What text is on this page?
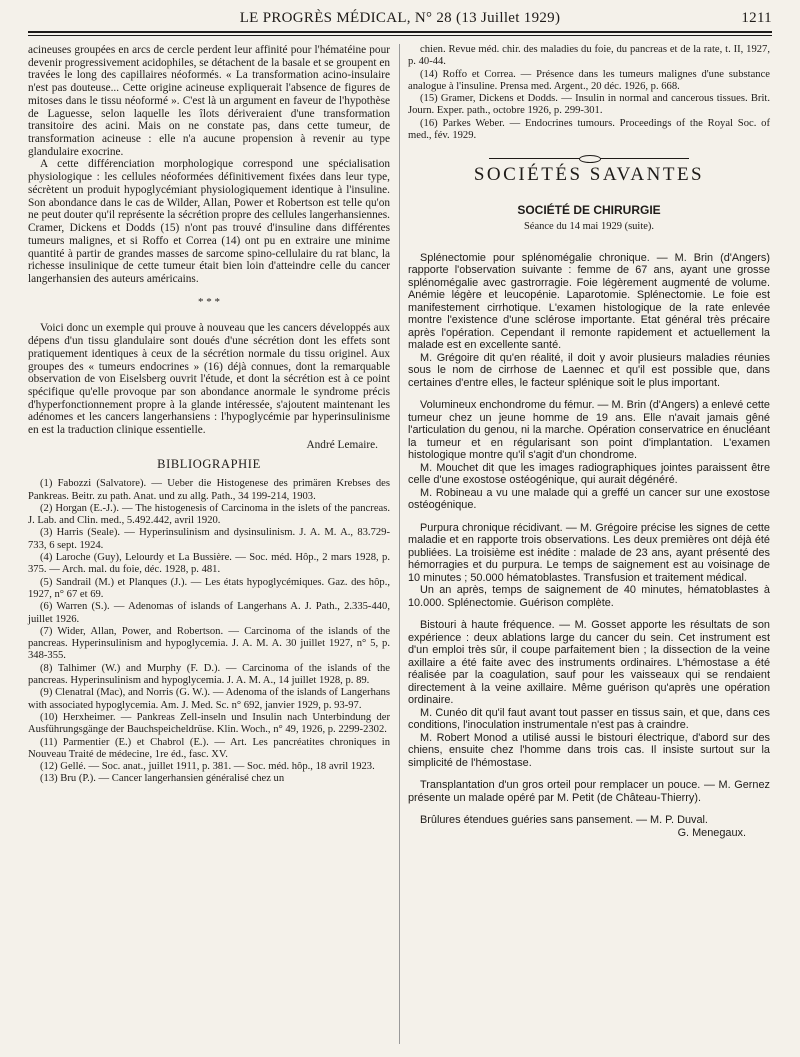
LE PROGRÈS MÉDICAL, N° 28 (13 Juillet 1929)	1211

acineuses groupées en arcs de cercle perdent leur affinité pour l'hématéine pour devenir progressivement acidophiles, se détachent de la basale et se groupent en travées le long des capillaires néoformés. « La transformation acino-insulaire n'est pas douteuse... Cette origine acineuse expliquerait l'absence de figures de mitoses dans le tissu néoformé ». C'est là un argument en faveur de l'hypothèse de Laguesse, selon laquelle les îlots dériveraient d'une transformation transitoire des acini. Mais on ne constate pas, dans cette tumeur, de transformation acineuse : elle n'a aucune propension à revenir au type glandulaire exocrine.

A cette différenciation morphologique correspond une spécialisation physiologique : les cellules néoformées définitivement fixées dans leur type, sécrètent un produit hypoglycémiant physiologiquement identique à l'insuline. Son abondance dans le cas de Wilder, Allan, Power et Robertson est telle qu'on ne peut douter qu'il représente la sécrétion propre des cellules langerhansiennes. Cramer, Dickens et Dodds (15) n'ont pas trouvé d'insuline dans différentes tumeurs malignes, et si Roffo et Correa (14) ont pu en extraire une minime quantité à partir de grandes masses de sarcome spino-cellulaire du rat blanc, la richesse insulinique de cette tumeur était bien loin d'atteindre celle du cancer langerhansien des auteurs américains.

* * *

Voici donc un exemple qui prouve à nouveau que les cancers développés aux dépens d'un tissu glandulaire sont doués d'une sécrétion dont les effets sont pratiquement identiques à ceux de la sécrétion normale du tissu originel. Aux groupes des « tumeurs endocrines » (16) déjà connues, dont la remarquable observation de von Eiselsberg ouvrit l'étude, et dont la sécrétion est à ce point spécifique qu'elle provoque par son abondance anormale le syndrome précis d'hyperfonctionnement propre à la glande intéressée, s'ajoutent maintenant les adénomes et les cancers langerhansiens : l'hypoglycémie par hyperinsulinisme en est la traduction clinique essentielle.

André Lemaire.

BIBLIOGRAPHIE

(1) Fabozzi (Salvatore). — Ueber die Histogenese des primären Krebses des Pankreas. Beitr. zu path. Anat. und zu allg. Path., 34 199-214, 1903.

(2) Horgan (E.-J.). — The histogenesis of Carcinoma in the islets of the pancreas. J. Lab. and Clin. med., 5.492.442, avril 1920.

(3) Harris (Seale). — Hyperinsulinism and dysinsulinism. J. A. M. A., 83.729-733, 6 sept. 1924.

(4) Laroche (Guy), Lelourdy et La Bussière. — Soc. méd. Hôp., 2 mars 1928, p. 375. — Arch. mal. du foie, déc. 1928, p. 481.

(5) Sandrail (M.) et Planques (J.). — Les états hypoglycémiques. Gaz. des hôp., 1927, n° 67 et 69.

(6) Warren (S.). — Adenomas of islands of Langerhans A. J. Path., 2.335-440, juillet 1926.

(7) Wider, Allan, Power, and Robertson. — Carcinoma of the islands of the pancreas. Hyperinsulinism and hypoglycemia. J. A. M. A. 30 juillet 1927, n° 5, p. 348-355.

(8) Talhimer (W.) and Murphy (F. D.). — Carcinoma of the islands of the pancreas. Hyperinsulinism and hypoglycemia. J. A. M. A., 14 juillet 1928, p. 89.

(9) Clenatral (Mac), and Norris (G. W.). — Adenoma of the islands of Langerhans with associated hypoglycemia. Am. J. Med. Sc. n° 692, janvier 1929, p. 93-97.

(10) Herxheimer. — Pankreas Zell-inseln und Insulin nach Unterbindung der Ausführungsgänge der Bauchspeicheldrüse. Klin. Woch., n° 49, 1926, p. 2299-2302.

(11) Parmentier (E.) et Chabrol (E.). — Art. Les pancréatites chroniques in Nouveau Traité de médecine, 1re éd., fasc. XV.

(12) Gellé. — Soc. anat., juillet 1911, p. 381. — Soc. méd. hôp., 18 avril 1923.

(13) Bru (P.). — Cancer langerhansien généralisé chez un

chien. Revue méd. chir. des maladies du foie, du pancreas et de la rate, t. II, 1927, p. 40-44.

(14) Roffo et Correa. — Présence dans les tumeurs malignes d'une substance analogue à l'insuline. Prensa med. Argent., 20 déc. 1926, p. 668.

(15) Gramer, Dickens et Dodds. — Insulin in normal and cancerous tissues. Brit. Journ. Exper. path., octobre 1926, p. 299-301.

(16) Parkes Weber. — Endocrines tumours. Proceedings of the Royal Soc. of med., fév. 1929.

SOCIÉTÉS SAVANTES
SOCIÉTÉ DE CHIRURGIE
Séance du 14 mai 1929 (suite).

Splénectomie pour splénomégalie chronique. — M. Brin (d'Angers) rapporte l'observation suivante : femme de 67 ans, ayant une grosse splénomégalie avec gastrorragie. Foie légèrement augmenté de volume. Anémie légère et leucopénie. Laparotomie. Splénectomie. Le foie est manifestement cirrhotique. L'examen histologique de la rate enlevée montre l'existence d'une sclérose importante. Etat général très précaire après l'opération. Cependant il remonte rapidement et actuellement la malade est en excellente santé.

M. Grégoire dit qu'en réalité, il doit y avoir plusieurs maladies réunies sous le nom de cirrhose de Laennec et qu'il est possible que, dans certaines d'entre elles, le facteur splénique soit le plus important.

Volumineux enchondrome du fémur. — M. Brin (d'Angers) a enlevé cette tumeur chez un jeune homme de 19 ans. Elle n'avait jamais gêné l'articulation du genou, ni la marche. Opération conservatrice en énucléant la tumeur et en régularisant son point d'implantation. L'examen histologique montre qu'il s'agit d'un chondrome.

M. Mouchet dit que les images radiographiques jointes paraissent être celle d'une exostose ostéogénique, qui aurait dégénéré.

M. Robineau a vu une malade qui a greffé un cancer sur une exostose ostéogénique.

Purpura chronique récidivant. — M. Grégoire précise les signes de cette maladie et en rapporte trois observations. Les deux premières ont déjà été publiées. La troisième est inédite : malade de 23 ans, ayant présenté des hémorragies et du purpura. Le temps de saignement est au voisinage de 10 minutes ; 50.000 hématoblastes. Transfusion et traitement médical.

Un an après, temps de saignement de 40 minutes, hématoblastes à 10.000. Splénectomie. Guérison complète.

Bistouri à haute fréquence. — M. Gosset apporte les résultats de son expérience : deux ablations large du cancer du sein. Cet instrument est d'un emploi très sûr, il coupe parfaitement bien ; la dissection de la veine axillaire a été faite avec des instruments ordinaires. L'hémostase a été réalisée par la coagulation, sauf pour les vaisseaux qui se rendaient directement à la veine axillaire. Même guérison qu'après une opération ordinaire.

M. Cunéo dit qu'il faut avant tout passer en tissus sain, et que, dans ces conditions, l'inoculation instrumentale n'est pas à craindre.

M. Robert Monod a utilisé aussi le bistouri électrique, d'abord sur des chiens, ensuite chez l'homme dans trois cas. Il insiste surtout sur la simplicité de l'hémostase.

Transplantation d'un gros orteil pour remplacer un pouce. — M. Gernez présente un malade opéré par M. Petit (de Château-Thierry).

Brûlures étendues guéries sans pansement. — M. P. Duval.

G. Menegaux.
